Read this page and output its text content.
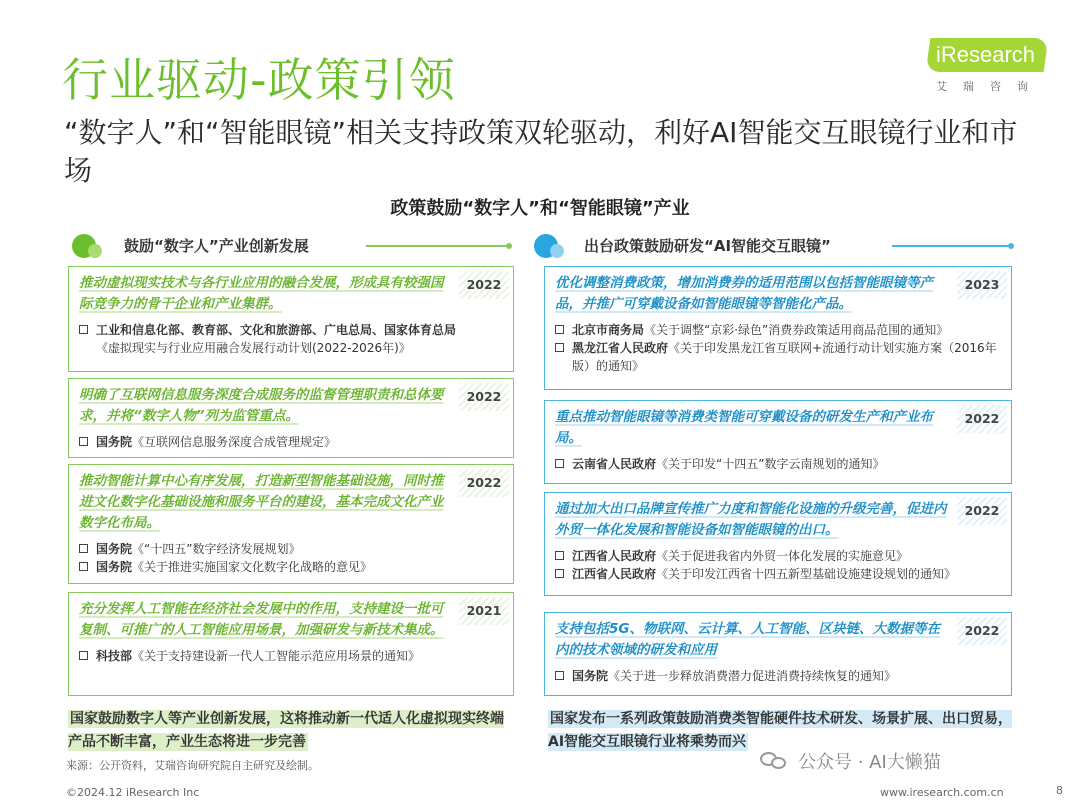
行业驱动-政策引领	iResearch
艾瑞咨询
“数字人”和“智能眼镜”相关支持政策双轮驱动，利好AI智能交互眼镜行业和市场
政策鼓励“数字人”和“智能眼镜”产业
鼓励“数字人”产业创新发展	出台政策鼓励研发“AI智能交互眼镜”
推动虚拟现实技术与各行业应用的融合发展，形成具有较强国际竞争力的骨干企业和产业集群。
2022
工业和信息化部、教育部、文化和旅游部、广电总局、国家体育总局
《虚拟现实与行业应用融合发展行动计划(2022-2026年)》
明确了互联网信息服务深度合成服务的监督管理职责和总体要求，并将“数字人物”列为监管重点。
2022
国务院《互联网信息服务深度合成管理规定》
推动智能计算中心有序发展，打造新型智能基础设施，同时推进文化数字化基础设施和服务平台的建设，基本完成文化产业数字化布局。
2022
国务院《“十四五”数字经济发展规划》
国务院《关于推进实施国家文化数字化战略的意见》
充分发挥人工智能在经济社会发展中的作用，支持建设一批可复制、可推广的人工智能应用场景，加强研发与新技术集成。
2021
科技部《关于支持建设新一代人工智能示范应用场景的通知》
国家鼓励数字人等产业创新发展，这将推动新一代适人化虚拟现实终端产品不断丰富，产业生态将进一步完善
优化调整消费政策，增加消费券的适用范围以包括智能眼镜等产品，并推广可穿戴设备如智能眼镜等智能化产品。
2023
北京市商务局《关于调整“京彩·绿色”消费券政策适用商品范围的通知》
黑龙江省人民政府《关于印发黑龙江省互联网+流通行动计划实施方案（2016年版）的通知》
重点推动智能眼镜等消费类智能可穿戴设备的研发生产和产业布局。
2022
云南省人民政府《关于印发“十四五”数字云南规划的通知》
通过加大出口品牌宣传推广力度和智能化设施的升级完善，促进内外贸一体化发展和智能设备如智能眼镜的出口。
2022
江西省人民政府《关于促进我省内外贸一体化发展的实施意见》
江西省人民政府《关于印发江西省十四五新型基础设施建设规划的通知》
支持包括5G、物联网、云计算、人工智能、区块链、大数据等在内的技术领域的研发和应用
2022
国务院《关于进一步释放消费潜力促进消费持续恢复的通知》
国家发布一系列政策鼓励消费类智能硬件技术研发、场景扩展、出口贸易，AI智能交互眼镜行业将乘势而兴
来源：公开资料，艾瑞咨询研究院自主研究及绘制。
©2024.12 iResearch Inc	www.iresearch.com.cn	8
公众号 · AI大懒猫
